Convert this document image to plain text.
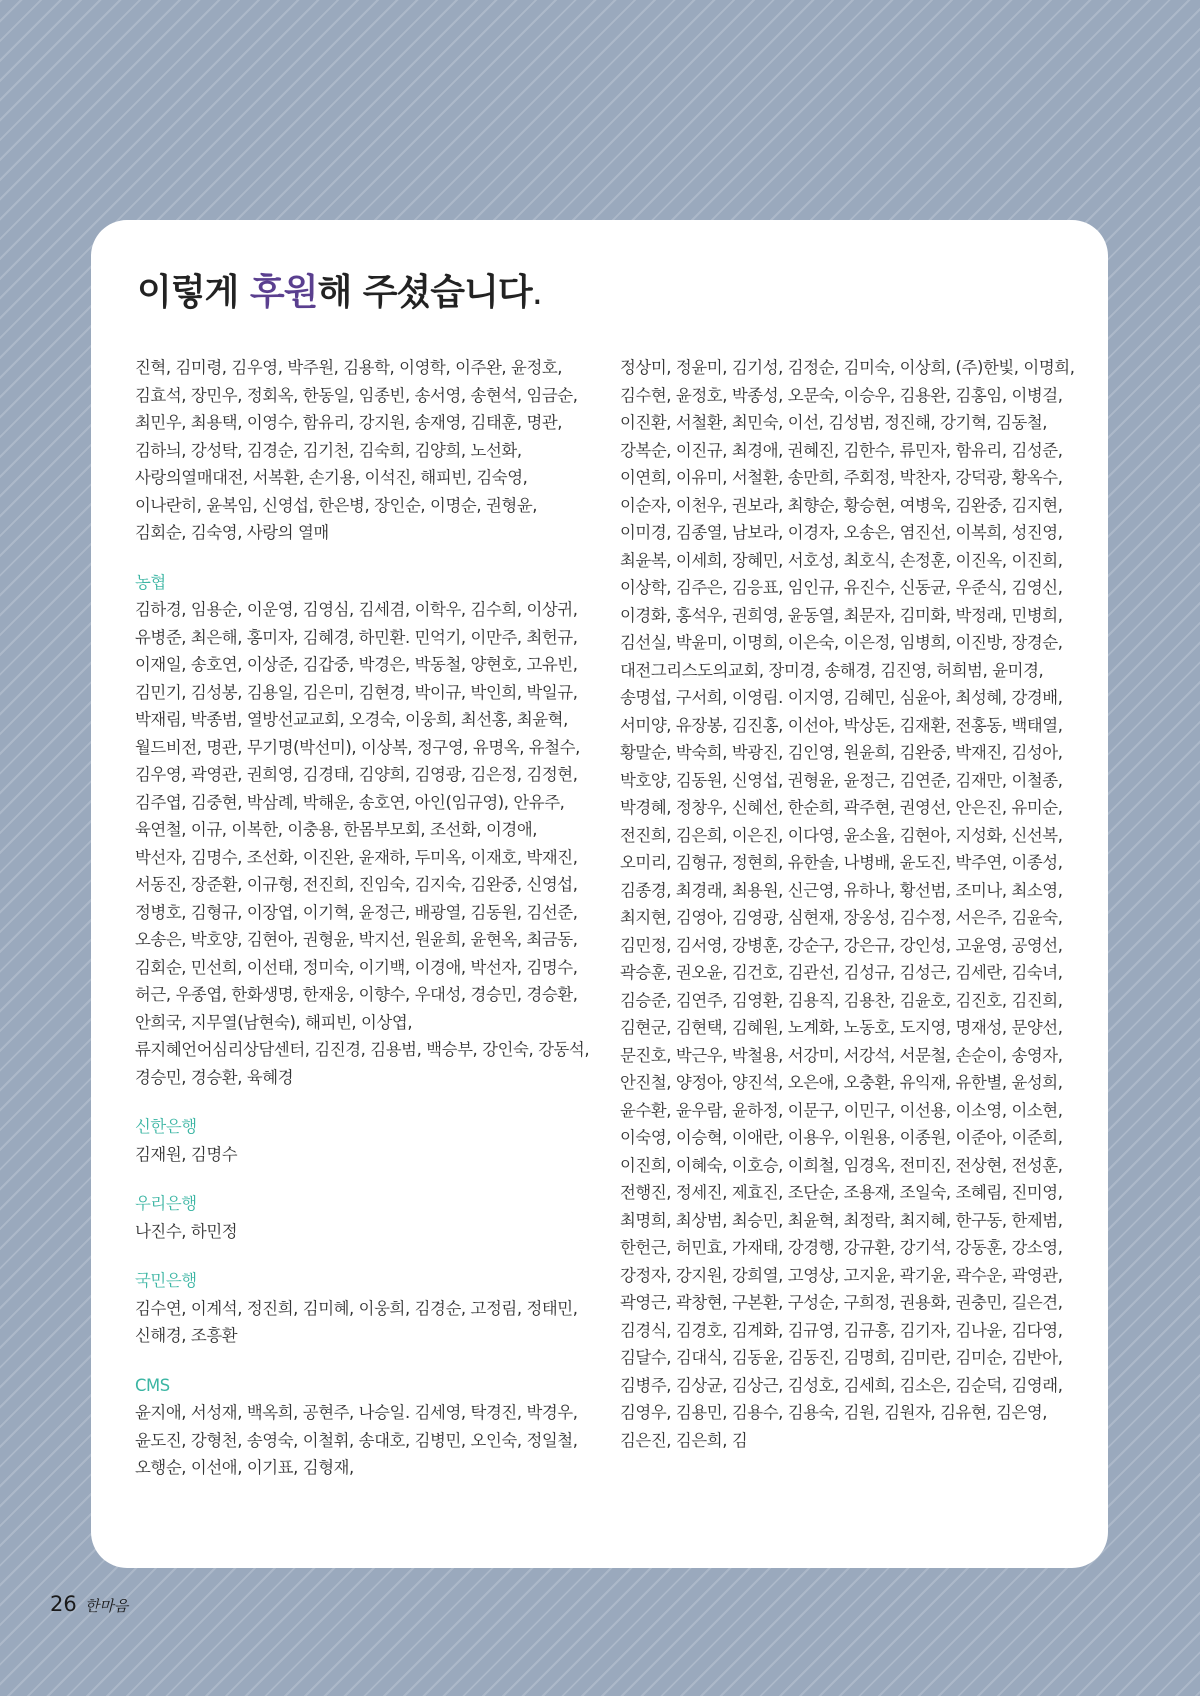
이렇게 후원해 주셨습니다.

진혁, 김미령, 김우영, 박주원, 김용학, 이영학, 이주완, 윤정호, 김효석, 장민우, 정회옥, 한동일, 임종빈, 송서영, 송현석, 임금순, 최민우, 최용택, 이영수, 함유리, 강지원, 송재영, 김태훈, 명관, 김하늬, 강성탁, 김경순, 김기천, 김숙희, 김양희, 노선화, 사랑의열매대전, 서복환, 손기용, 이석진, 해피빈, 김숙영, 이나란히, 윤복임, 신영섭, 한은병, 장인순, 이명순, 권형윤, 김회순, 김숙영, 사랑의 열매

농협

김하경, 임용순, 이운영, 김영심, 김세겸, 이학우, 김수희, 이상귀, 유병준, 최은해, 홍미자, 김혜경, 하민환. 민억기, 이만주, 최헌규, 이재일, 송호연, 이상준, 김갑중, 박경은, 박동철, 양현호, 고유빈, 김민기, 김성봉, 김용일, 김은미, 김현경, 박이규, 박인희, 박일규, 박재림, 박종범, 열방선교교회, 오경숙, 이웅희, 최선홍, 최윤혁, 월드비전, 명관, 무기명(박선미), 이상복, 정구영, 유명옥, 유철수, 김우영, 곽영관, 권희영, 김경태, 김양희, 김영광, 김은정, 김정현, 김주엽, 김중현, 박삼례, 박해운, 송호연, 아인(임규영), 안유주, 육연철, 이규, 이복한, 이충용, 한몸부모회, 조선화, 이경애, 박선자, 김명수, 조선화, 이진완, 윤재하, 두미옥, 이재호, 박재진, 서동진, 장준환, 이규형, 전진희, 진임숙, 김지숙, 김완중, 신영섭, 정병호, 김형규, 이장엽, 이기혁, 윤정근, 배광열, 김동원, 김선준, 오송은, 박호양, 김현아, 권형윤, 박지선, 원윤희, 윤현옥, 최금동, 김회순, 민선희, 이선태, 정미숙, 이기백, 이경애, 박선자, 김명수, 허근, 우종엽, 한화생명, 한재웅, 이향수, 우대성, 경승민, 경승환, 안희국, 지무열(남현숙), 해피빈, 이상엽, 류지혜언어심리상담센터, 김진경, 김용범, 백승부, 강인숙, 강동석, 경승민, 경승환, 육혜경

신한은행

김재원, 김명수

우리은행

나진수, 하민정

국민은행

김수연, 이계석, 정진희, 김미혜, 이웅희, 김경순, 고정림, 정태민, 신해경, 조흥환

CMS

윤지애, 서성재, 백옥희, 공현주, 나승일. 김세영, 탁경진, 박경우, 윤도진, 강형천, 송영숙, 이철휘, 송대호, 김병민, 오인숙, 정일철, 오행순, 이선애, 이기표, 김형재,

정상미, 정윤미, 김기성, 김정순, 김미숙, 이상희, (주)한빛, 이명희, 김수현, 윤정호, 박종성, 오문숙, 이승우, 김용완, 김홍임, 이병걸, 이진환, 서철환, 최민숙, 이선, 김성범, 정진해, 강기혁, 김동철, 강복순, 이진규, 최경애, 권혜진, 김한수, 류민자, 함유리, 김성준, 이연희, 이유미, 서철환, 송만희, 주회정, 박찬자, 강덕광, 황옥수, 이순자, 이천우, 권보라, 최향순, 황승현, 여병욱, 김완중, 김지현, 이미경, 김종열, 남보라, 이경자, 오송은, 염진선, 이복희, 성진영, 최윤복, 이세희, 장혜민, 서호성, 최호식, 손정훈, 이진옥, 이진희, 이상학, 김주은, 김응표, 임인규, 유진수, 신동균, 우준식, 김영신, 이경화, 홍석우, 권희영, 윤동열, 최문자, 김미화, 박정래, 민병희, 김선실, 박윤미, 이명희, 이은숙, 이은정, 임병희, 이진방, 장경순, 대전그리스도의교회, 장미경, 송해경, 김진영, 허희범, 윤미경, 송명섭, 구서희, 이영림. 이지영, 김혜민, 심윤아, 최성혜, 강경배, 서미양, 유장봉, 김진홍, 이선아, 박상돈, 김재환, 전홍동, 백태열, 황말순, 박숙희, 박광진, 김인영, 원윤희, 김완중, 박재진, 김성아, 박호양, 김동원, 신영섭, 권형윤, 윤정근, 김연준, 김재만, 이철종, 박경혜, 정창우, 신혜선, 한순희, 곽주현, 권영선, 안은진, 유미순, 전진희, 김은희, 이은진, 이다영, 윤소율, 김현아, 지성화, 신선복, 오미리, 김형규, 정현희, 유한솔, 나병배, 윤도진, 박주연, 이종성, 김종경, 최경래, 최용원, 신근영, 유하나, 황선범, 조미나, 최소영, 최지현, 김영아, 김영광, 심현재, 장옹성, 김수정, 서은주, 김윤숙, 김민정, 김서영, 강병훈, 강순구, 강은규, 강인성, 고윤영, 공영선, 곽승훈, 권오윤, 김건호, 김관선, 김성규, 김성근, 김세란, 김숙녀, 김승준, 김연주, 김영환, 김용직, 김용찬, 김윤호, 김진호, 김진희, 김현군, 김현택, 김혜원, 노계화, 노동호, 도지영, 명재성, 문양선, 문진호, 박근우, 박철용, 서강미, 서강석, 서문철, 손순이, 송영자, 안진철, 양정아, 양진석, 오은애, 오충환, 유익재, 유한별, 윤성희, 윤수환, 윤우람, 윤하정, 이문구, 이민구, 이선용, 이소영, 이소현, 이숙영, 이승혁, 이애란, 이용우, 이원용, 이종원, 이준아, 이준희, 이진희, 이혜숙, 이호승, 이희철, 임경옥, 전미진, 전상현, 전성훈, 전행진, 정세진, 제효진, 조단순, 조용재, 조일숙, 조혜림, 진미영, 최명희, 최상범, 최승민, 최윤혁, 최정락, 최지혜, 한구동, 한제범, 한헌근, 허민효, 가재태, 강경행, 강규환, 강기석, 강동훈, 강소영, 강정자, 강지원, 강희열, 고영상, 고지윤, 곽기윤, 곽수운, 곽영관, 곽영근, 곽창현, 구본환, 구성순, 구희정, 권용화, 권충민, 길은견, 김경식, 김경호, 김계화, 김규영, 김규흥, 김기자, 김나윤, 김다영, 김달수, 김대식, 김동윤, 김동진, 김명희, 김미란, 김미순, 김반아, 김병주, 김상균, 김상근, 김성호, 김세희, 김소은, 김순덕, 김영래, 김영우, 김용민, 김용수, 김용숙, 김원, 김원자, 김유현, 김은영, 김은진, 김은희, 김

26 한마음
